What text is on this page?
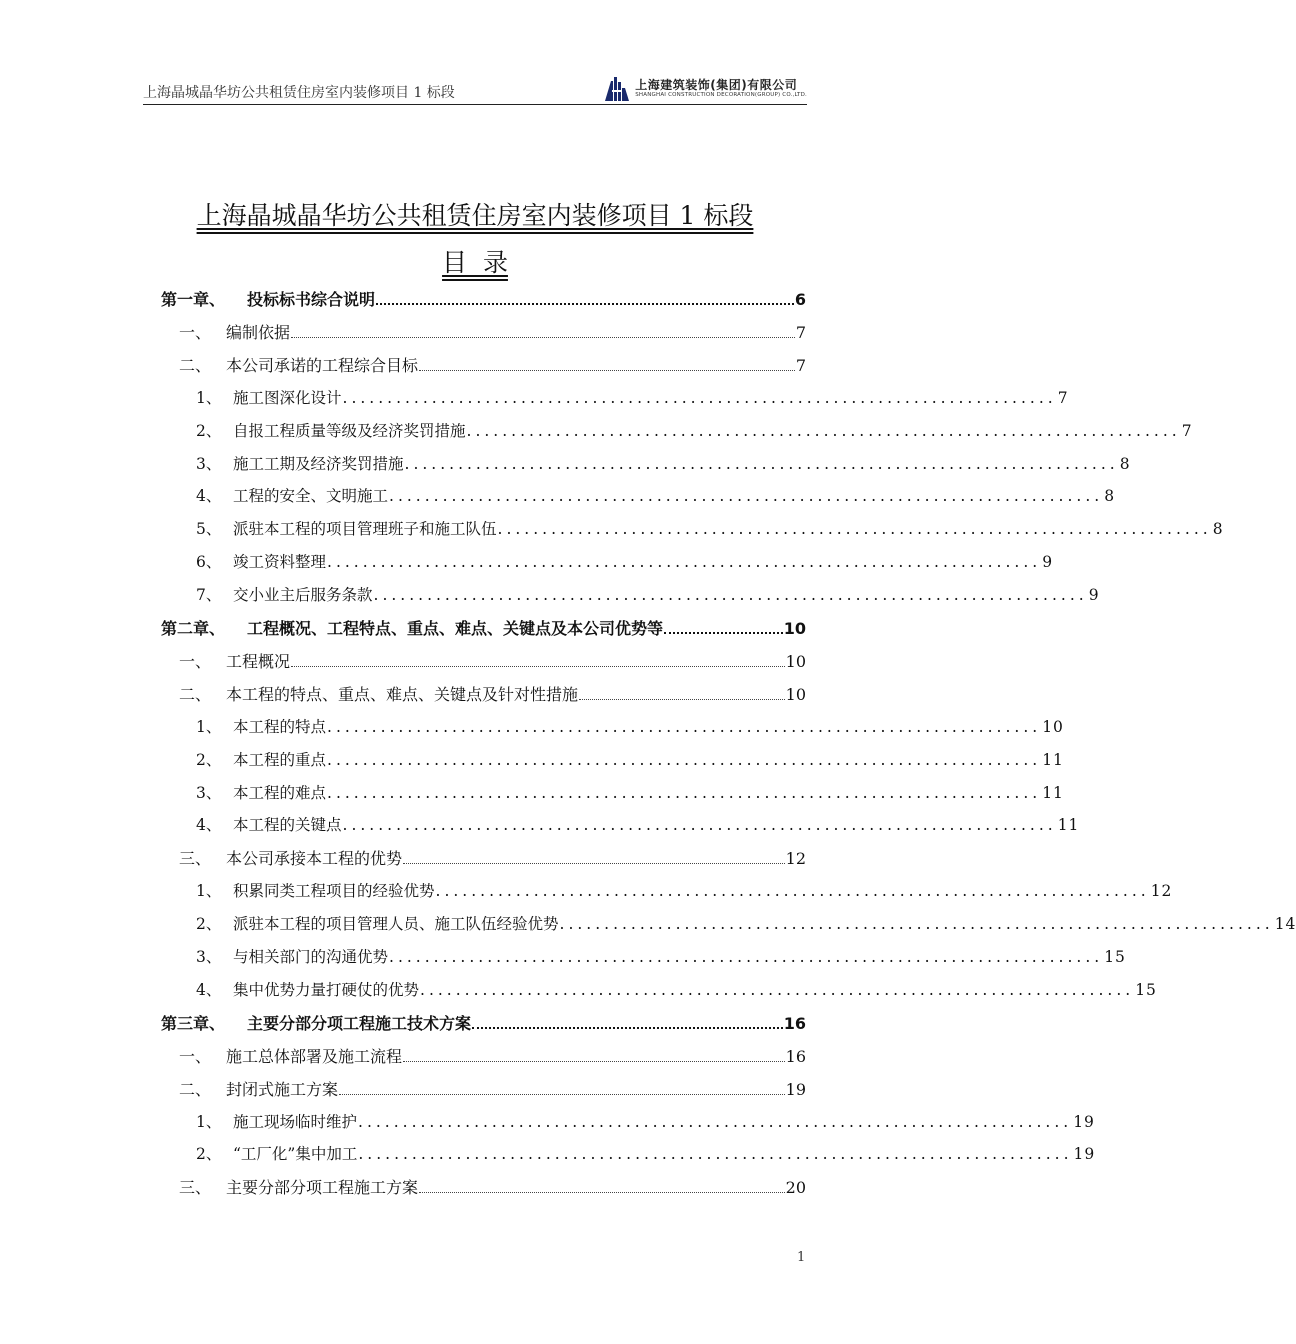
上海晶城晶华坊公共租赁住房室内装修项目 1 标段	上海建筑装饰(集团)有限公司
SHANGHAI CONSTRUCTION DECORATION(GROUP) CO.,LTD.
上海晶城晶华坊公共租赁住房室内装修项目 1 标段
目  录
第一章、	投标标书综合说明	6
一、 编制依据	7
二、 本公司承诺的工程综合目标	7
1、 施工图深化设计 ................................................................................ 7
2、 自报工程质量等级及经济奖罚措施 ................................................................................ 7
3、 施工工期及经济奖罚措施 ................................................................................ 8
4、 工程的安全、文明施工 ................................................................................ 8
5、 派驻本工程的项目管理班子和施工队伍 ................................................................................ 8
6、 竣工资料整理 ................................................................................ 9
7、 交小业主后服务条款 ................................................................................ 9
第二章、	工程概况、工程特点、重点、难点、关键点及本公司优势等	10
一、 工程概况	10
二、 本工程的特点、重点、难点、关键点及针对性措施	10
1、 本工程的特点 ................................................................................ 10
2、 本工程的重点 ................................................................................ 11
3、 本工程的难点 ................................................................................ 11
4、 本工程的关键点 ................................................................................ 11
三、 本公司承接本工程的优势	12
1、 积累同类工程项目的经验优势 ................................................................................ 12
2、 派驻本工程的项目管理人员、施工队伍经验优势 ................................................................................ 14
3、 与相关部门的沟通优势 ................................................................................ 15
4、 集中优势力量打硬仗的优势 ................................................................................ 15
第三章、	主要分部分项工程施工技术方案	16
一、 施工总体部署及施工流程	16
二、 封闭式施工方案	19
1、 施工现场临时维护 ................................................................................ 19
2、 “工厂化”集中加工 ................................................................................ 19
三、 主要分部分项工程施工方案	20
1
